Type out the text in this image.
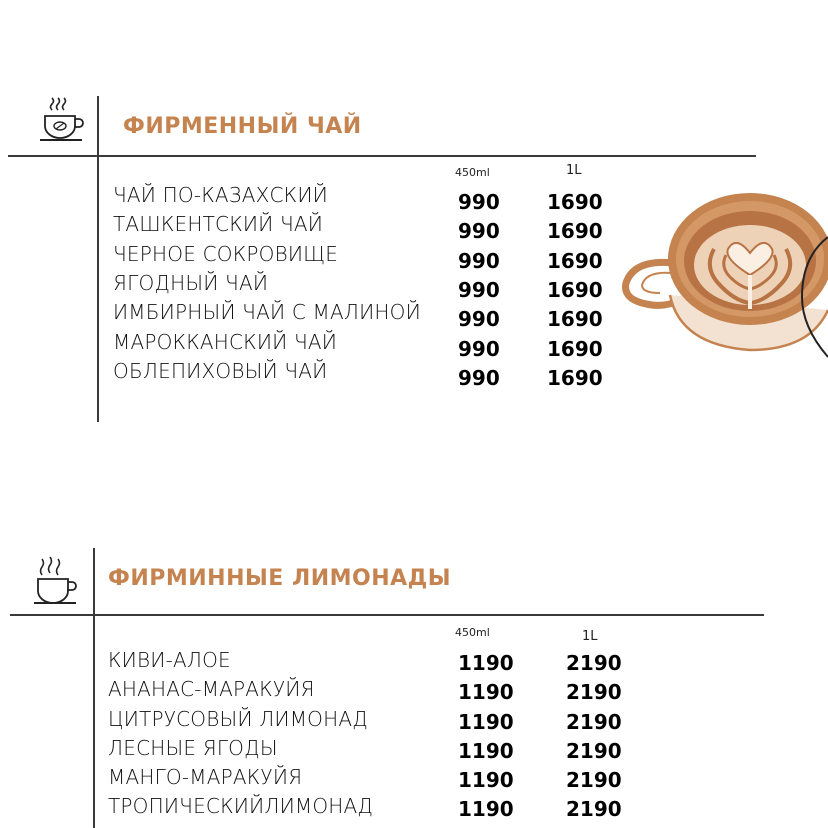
ФИРМЕННЫЙ ЧАЙ
450ml	1L
ЧАЙ ПО-КАЗАХСКИЙ	990 1690
ТАШКЕНТСКИЙ ЧАЙ	990 1690
ЧЕРНОЕ СОКРОВИЩЕ	990 1690
ЯГОДНЫЙ ЧАЙ	990 1690
ИМБИРНЫЙ ЧАЙ С МАЛИНОЙ 990 1690
МАРОККАНСКИЙ ЧАЙ	990 1690
ОБЛЕПИХОВЫЙ ЧАЙ	990 1690
ФИРМИННЫЕ ЛИМОНАДЫ
450ml	1L
КИВИ-АЛОЕ	1190	2190
АНАНАС-МАРАКУЙЯ	1190	2190
ЦИТРУСОВЫЙ ЛИМОНАД	1190	2190
ЛЕСНЫЕ ЯГОДЫ	1190	2190
МАНГО-МАРАКУЙЯ	1190	2190
ТРОПИЧЕСКИЙЛИМОНАД	1190	2190
